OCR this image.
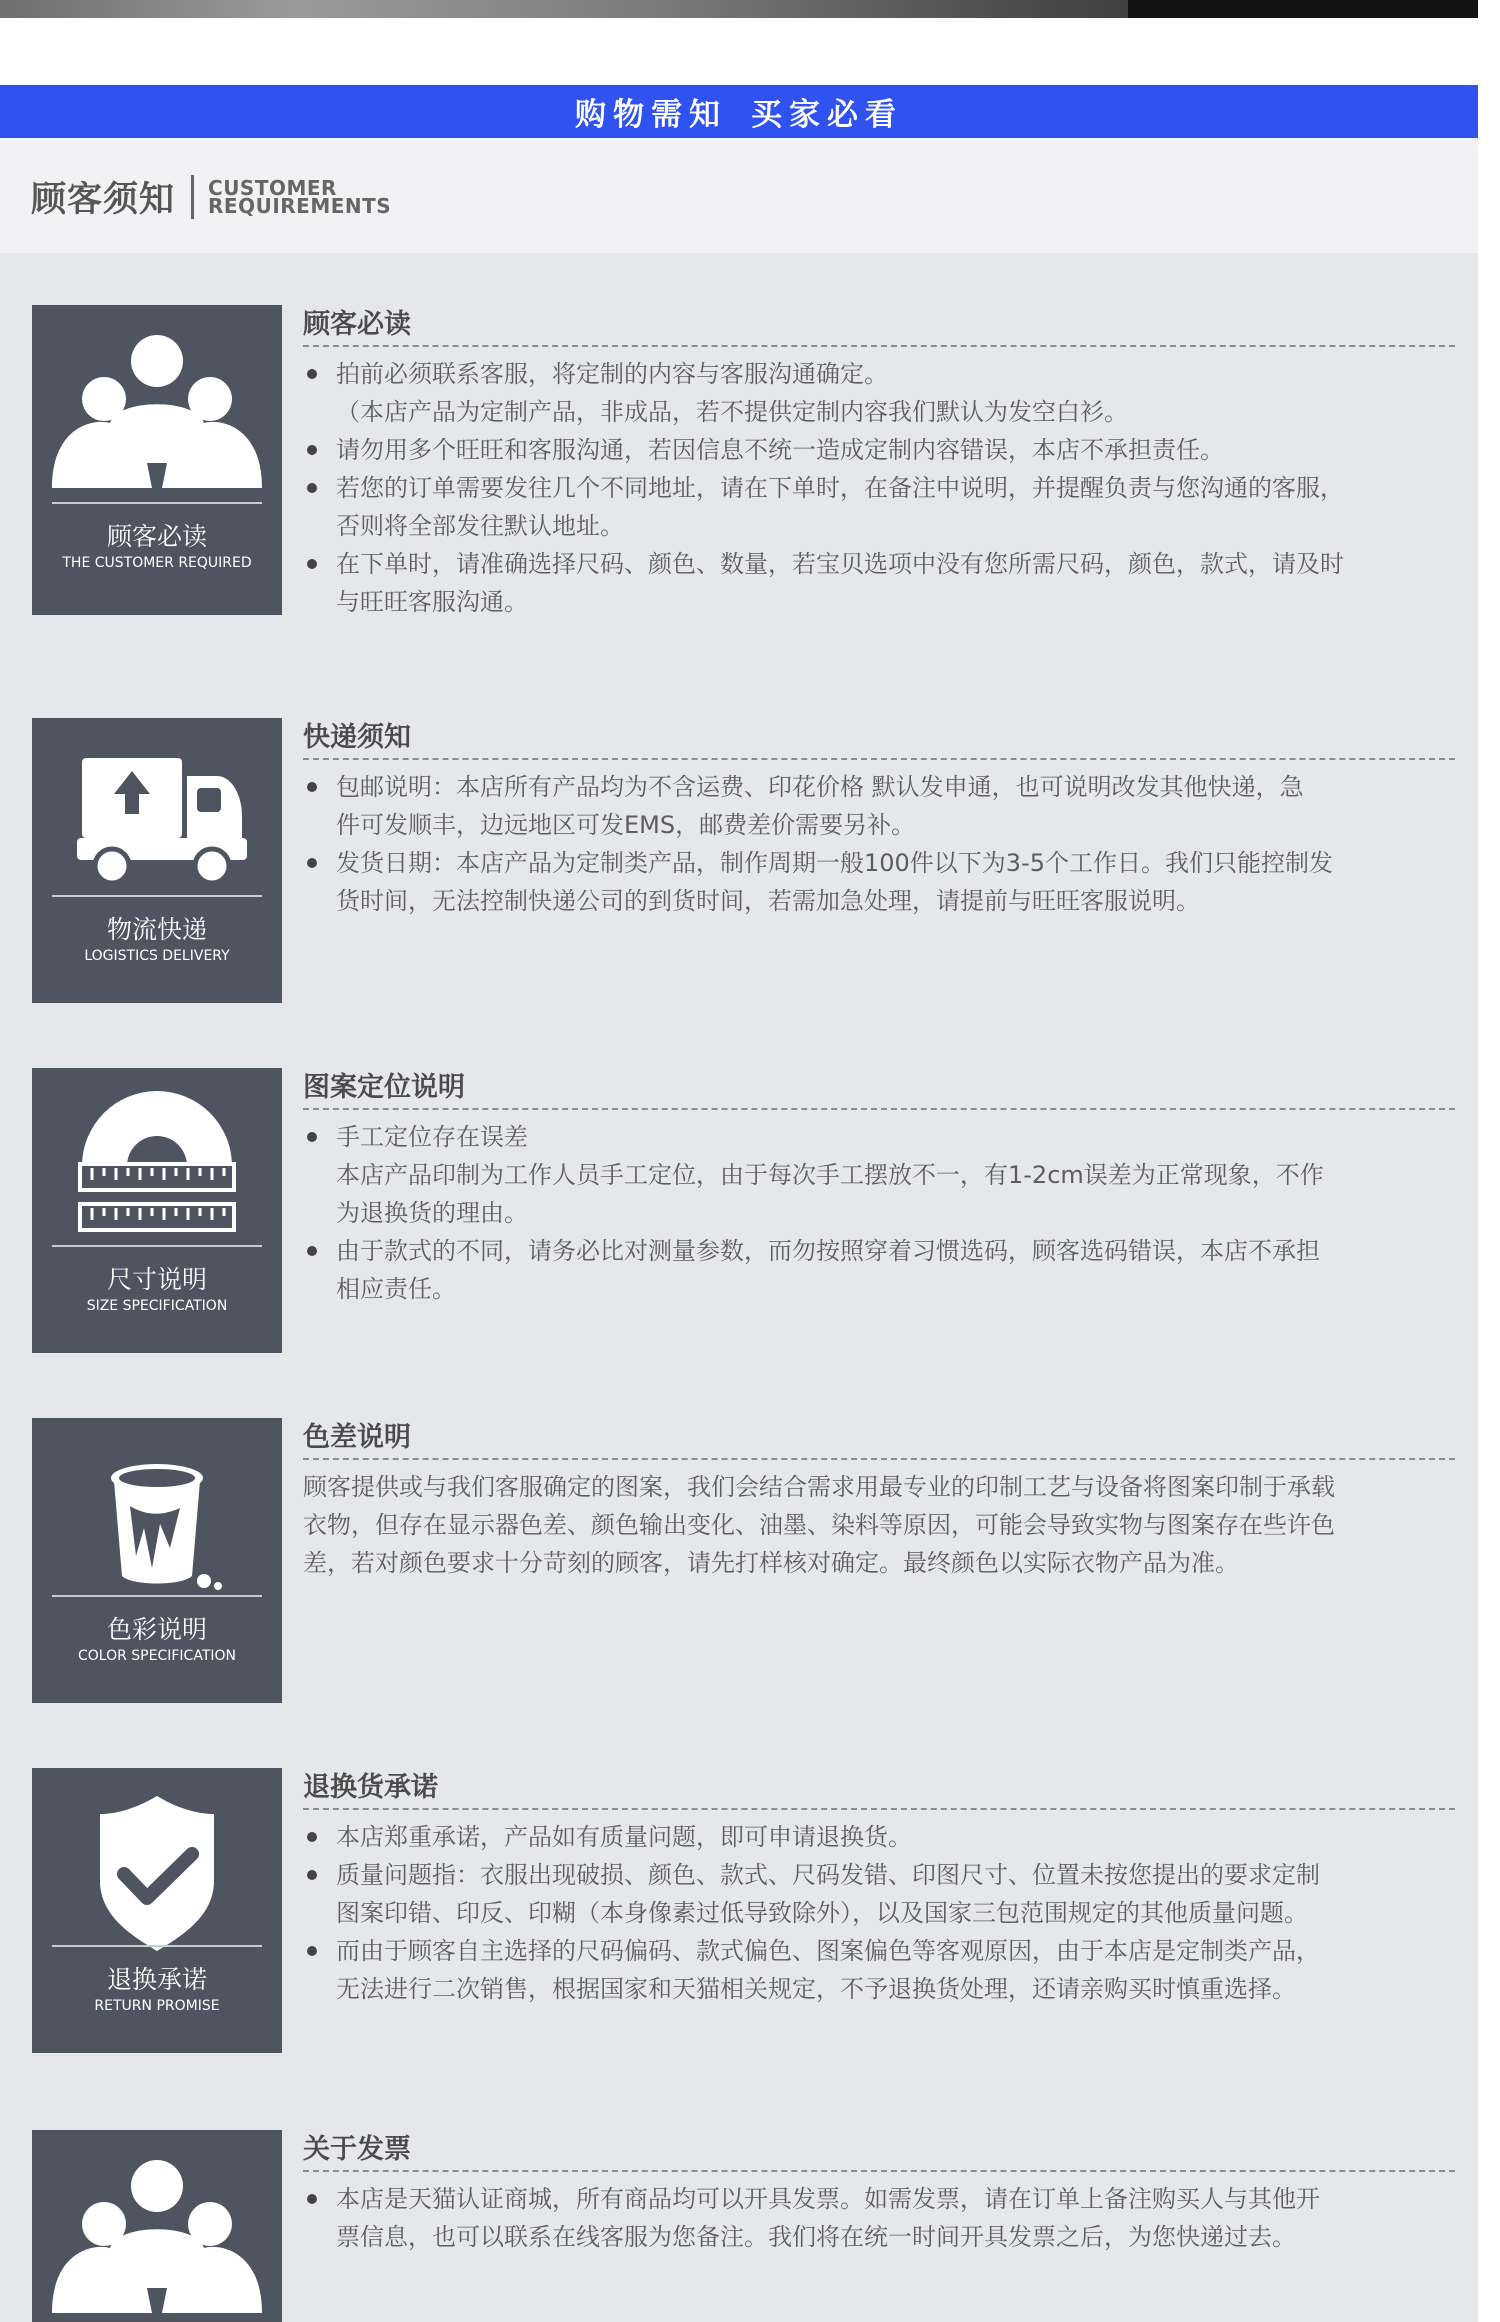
购物需知 买家必看
顾客须知 CUSTOMER
REQUIREMENTS
顾客必读
THE CUSTOMER REQUIRED
顾客必读
拍前必须联系客服，将定制的内容与客服沟通确定。
（本店产品为定制产品，非成品，若不提供定制内容我们默认为发空白衫。
请勿用多个旺旺和客服沟通，若因信息不统一造成定制内容错误，本店不承担责任。
若您的订单需要发往几个不同地址，请在下单时，在备注中说明，并提醒负责与您沟通的客服，
否则将全部发往默认地址。
在下单时，请准确选择尺码、颜色、数量，若宝贝选项中没有您所需尺码，颜色，款式，请及时
与旺旺客服沟通。
物流快递
LOGISTICS DELIVERY
快递须知
包邮说明：本店所有产品均为不含运费、印花价格 默认发申通，也可说明改发其他快递，急
件可发顺丰，边远地区可发EMS，邮费差价需要另补。
发货日期：本店产品为定制类产品，制作周期一般100件以下为3-5个工作日。我们只能控制发
货时间，无法控制快递公司的到货时间，若需加急处理，请提前与旺旺客服说明。
尺寸说明
SIZE SPECIFICATION
图案定位说明
手工定位存在误差
本店产品印制为工作人员手工定位，由于每次手工摆放不一，有1-2cm误差为正常现象，不作
为退换货的理由。
由于款式的不同，请务必比对测量参数，而勿按照穿着习惯选码，顾客选码错误，本店不承担
相应责任。
色彩说明
COLOR SPECIFICATION
色差说明
顾客提供或与我们客服确定的图案，我们会结合需求用最专业的印制工艺与设备将图案印制于承载
衣物，但存在显示器色差、颜色输出变化、油墨、染料等原因，可能会导致实物与图案存在些许色
差，若对颜色要求十分苛刻的顾客，请先打样核对确定。最终颜色以实际衣物产品为准。
退换承诺
RETURN PROMISE
退换货承诺
本店郑重承诺，产品如有质量问题，即可申请退换货。
质量问题指：衣服出现破损、颜色、款式、尺码发错、印图尺寸、位置未按您提出的要求定制
图案印错、印反、印糊（本身像素过低导致除外），以及国家三包范围规定的其他质量问题。
而由于顾客自主选择的尺码偏码、款式偏色、图案偏色等客观原因，由于本店是定制类产品，
无法进行二次销售，根据国家和天猫相关规定，不予退换货处理，还请亲购买时慎重选择。
关于发票
本店是天猫认证商城，所有商品均可以开具发票。如需发票，请在订单上备注购买人与其他开
票信息，也可以联系在线客服为您备注。我们将在统一时间开具发票之后，为您快递过去。
